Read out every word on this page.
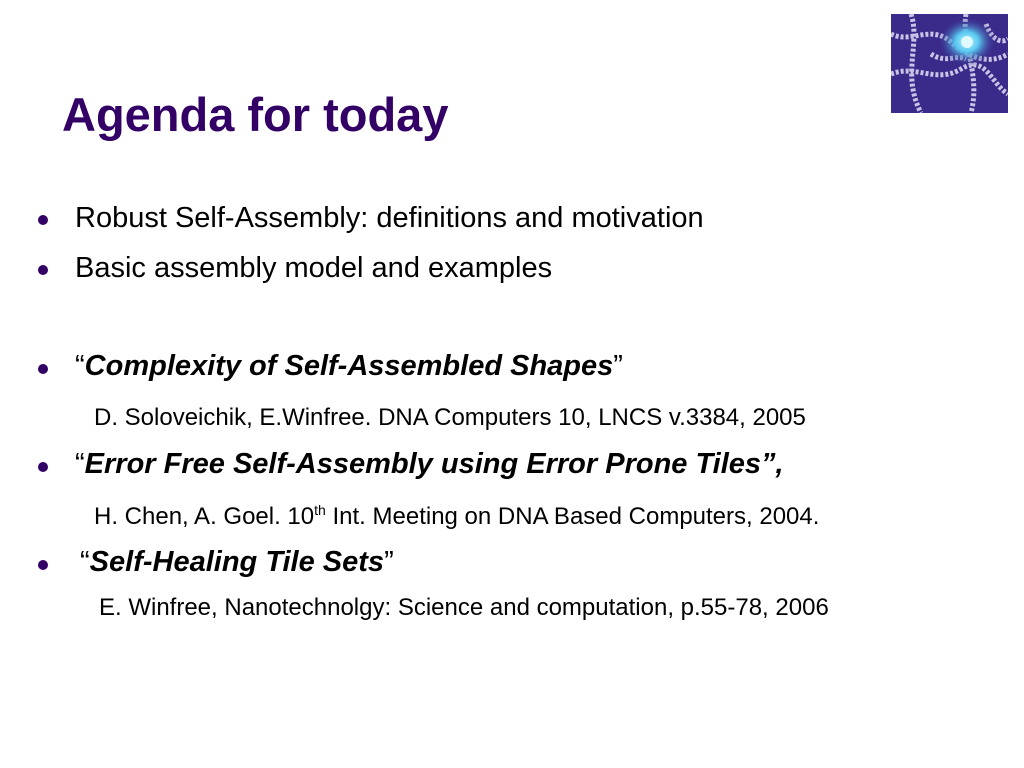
Agenda for today
Robust Self-Assembly: definitions and motivation
Basic assembly model and examples
“Complexity of Self-Assembled Shapes”
D. Soloveichik, E.Winfree. DNA Computers 10, LNCS v.3384, 2005
“Error Free Self-Assembly using Error Prone Tiles”,
H. Chen, A. Goel. 10th Int. Meeting on DNA Based Computers, 2004.
“Self-Healing Tile Sets”
E. Winfree, Nanotechnolgy: Science and computation, p.55-78, 2006
